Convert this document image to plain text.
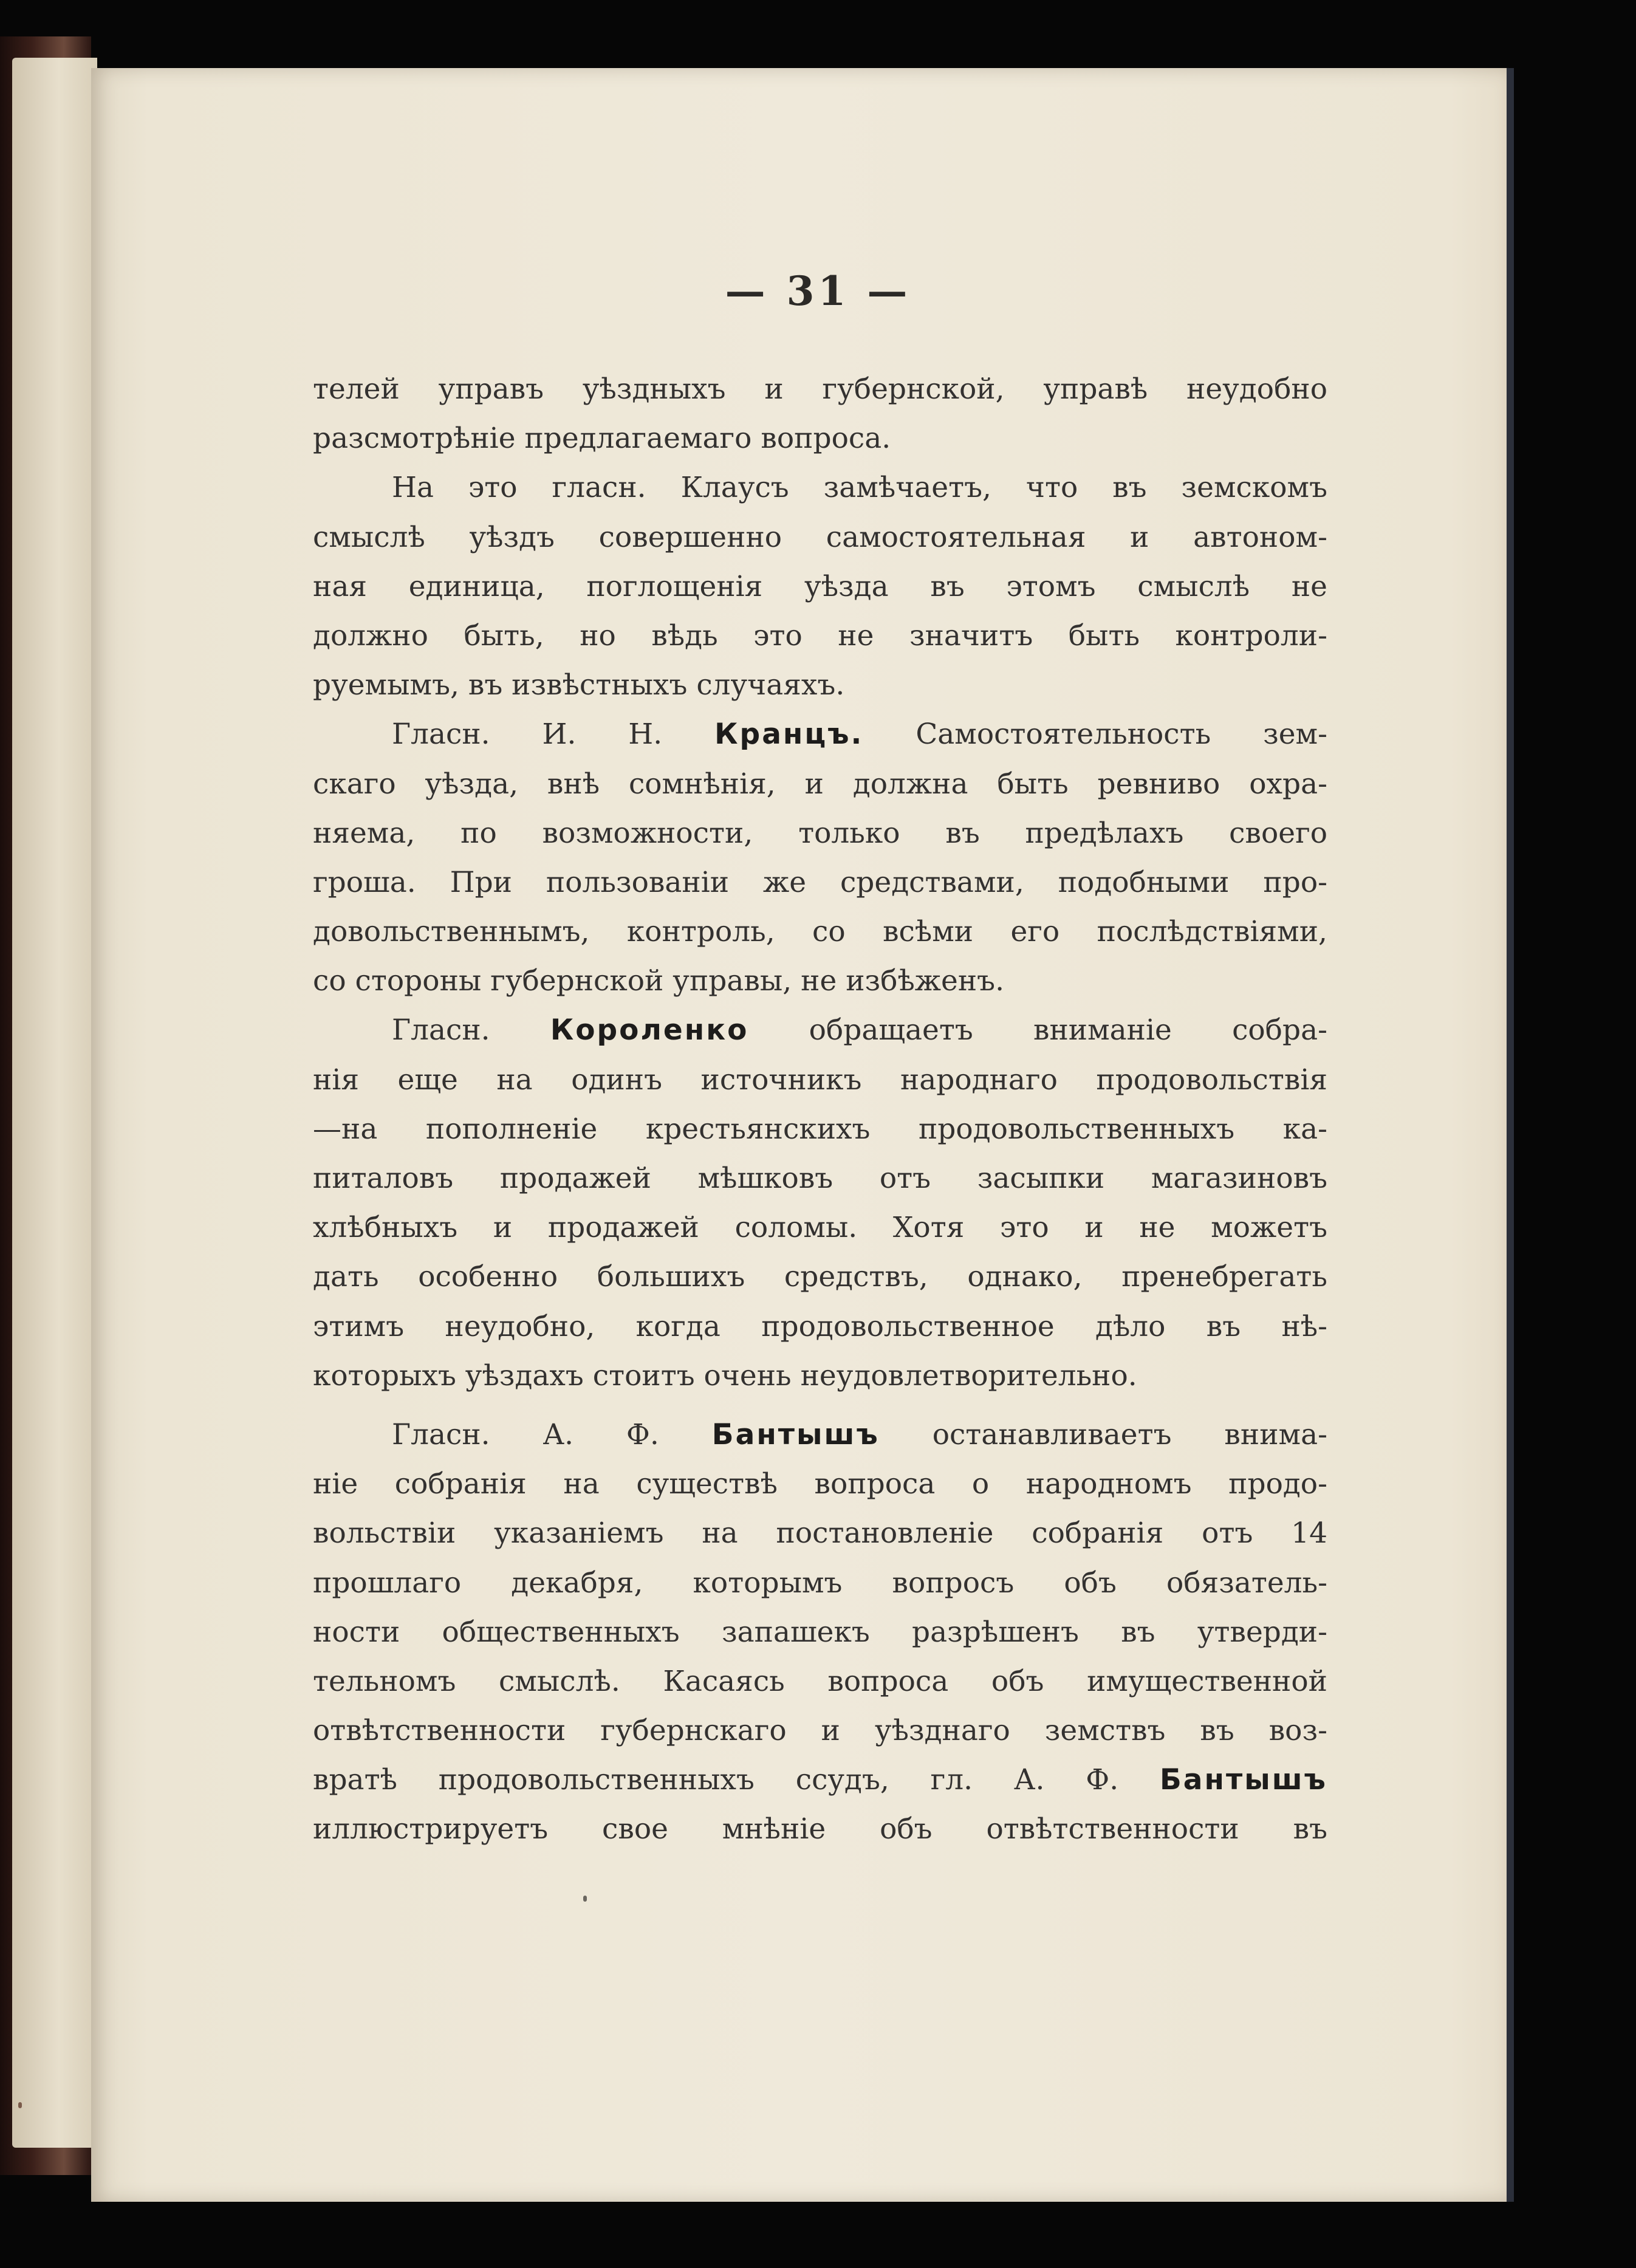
— 31 —
телей управъ уѣздныхъ и губернской, управѣ неудобно
разсмотрѣніе предлагаемаго вопроса.
На это гласн. Клаусъ замѣчаетъ, что въ земскомъ
смыслѣ уѣздъ совершенно самостоятельная и автоном-
ная единица, поглощенія уѣзда въ этомъ смыслѣ не
должно быть, но вѣдь это не значитъ быть контроли-
руемымъ, въ извѣстныхъ случаяхъ.
Гласн. И. Н. Кранцъ. Самостоятельность зем-
скаго уѣзда, внѣ сомнѣнія, и должна быть ревниво охра-
няема, по возможности, только въ предѣлахъ своего
гроша. При пользованіи же средствами, подобными про-
довольственнымъ, контроль, со всѣми его послѣдствіями,
со стороны губернской управы, не избѣженъ.
Гласн. Короленко обращаетъ вниманіе собра-
нія еще на одинъ источникъ народнаго продовольствія
—на пополненіе крестьянскихъ продовольственныхъ ка-
питаловъ продажей мѣшковъ отъ засыпки магазиновъ
хлѣбныхъ и продажей соломы. Хотя это и не можетъ
дать особенно большихъ средствъ, однако, пренебрегать
этимъ неудобно, когда продовольственное дѣло въ нѣ-
которыхъ уѣздахъ стоитъ очень неудовлетворительно.
Гласн. А. Ф. Бантышъ останавливаетъ внима-
ніе собранія на существѣ вопроса о народномъ продо-
вольствіи указаніемъ на постановленіе собранія отъ 14
прошлаго декабря, которымъ вопросъ объ обязатель-
ности общественныхъ запашекъ разрѣшенъ въ утверди-
тельномъ смыслѣ. Касаясь вопроса объ имущественной
отвѣтственности губернскаго и уѣзднаго земствъ въ воз-
вратѣ продовольственныхъ ссудъ, гл. А. Ф. Бантышъ
иллюстрируетъ свое мнѣніе объ отвѣтственности въ
